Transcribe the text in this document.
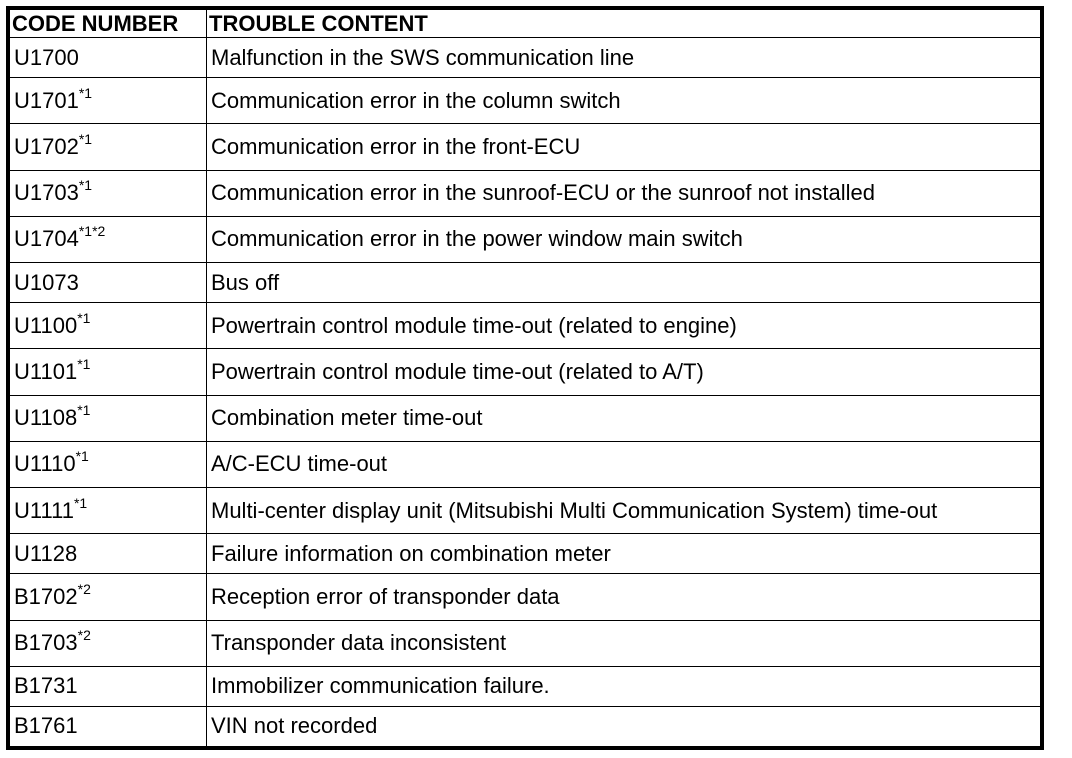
CODE NUMBER	TROUBLE CONTENT
U1700	Malfunction in the SWS communication line
U1701$^{*1}$	Communication error in the column switch
U1702$^{*1}$	Communication error in the front-ECU
U1703$^{*1}$	Communication error in the sunroof-ECU or the sunroof not installed
$U1704^{*1*2}$	Communication error in the power window main switch
U1073	Bus off
U1100$^{*1}$	Powertrain control module time-out (related to engine)
U1101$^{*1}$	Powertrain control module time-out (related to A/T)
U1108$^{*1}$	Combination meter time-out
U1110$^{*1}$	A/C-ECU time-out
U1111$^{*1}$	Multi-center display unit (Mitsubishi Multi Communication System) time-out
U1128	Failure information on combination meter
B1702$^{*2}$	Reception error of transponder data
B1703$^{*2}$	Transponder data inconsistent
B1731	Immobilizer communication failure.
B1761	VIN not recorded
